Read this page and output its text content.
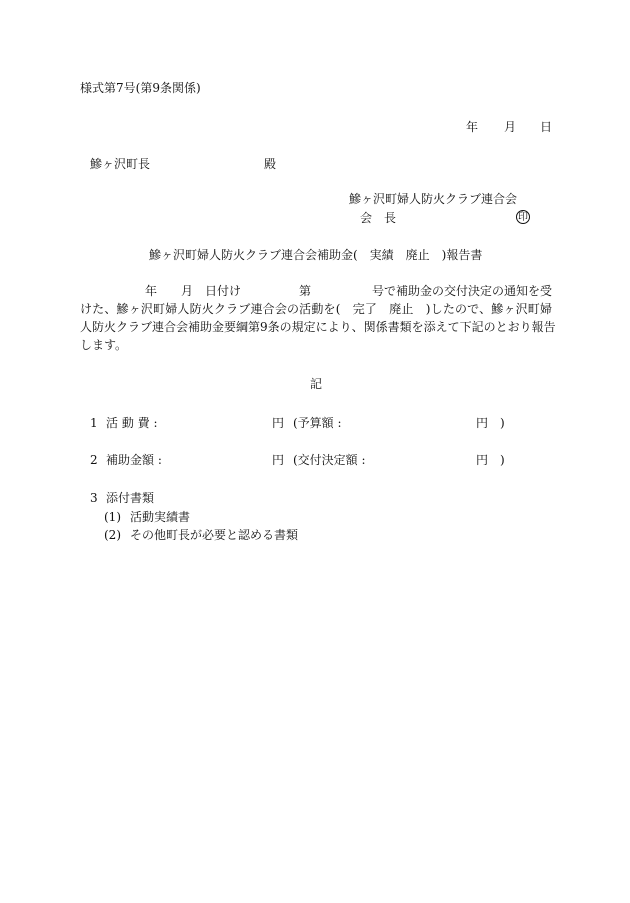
様式第7号(第9条関係)
年 月 日
鰺ヶ沢町長	殿
鰺ヶ沢町婦人防火クラブ連合会
会　長	印
鰺ヶ沢町婦人防火クラブ連合会補助金(　実績　廃止　)報告書
年 月 日付け	第	号で補助金の交付決定の通知を受
けた、鰺ヶ沢町婦人防火クラブ連合会の活動を(　完了　廃止　)したので、鰺ヶ沢町婦
人防火クラブ連合会補助金要綱第9条の規定により、関係書類を添えて下記のとおり報告
します。
記
1 活 動 費 :	円 (予算額 :	円　)
2 補助金額 :	円 (交付決定額 :	円　)
3 添付書類
(1) 活動実績書
(2) その他町長が必要と認める書類
